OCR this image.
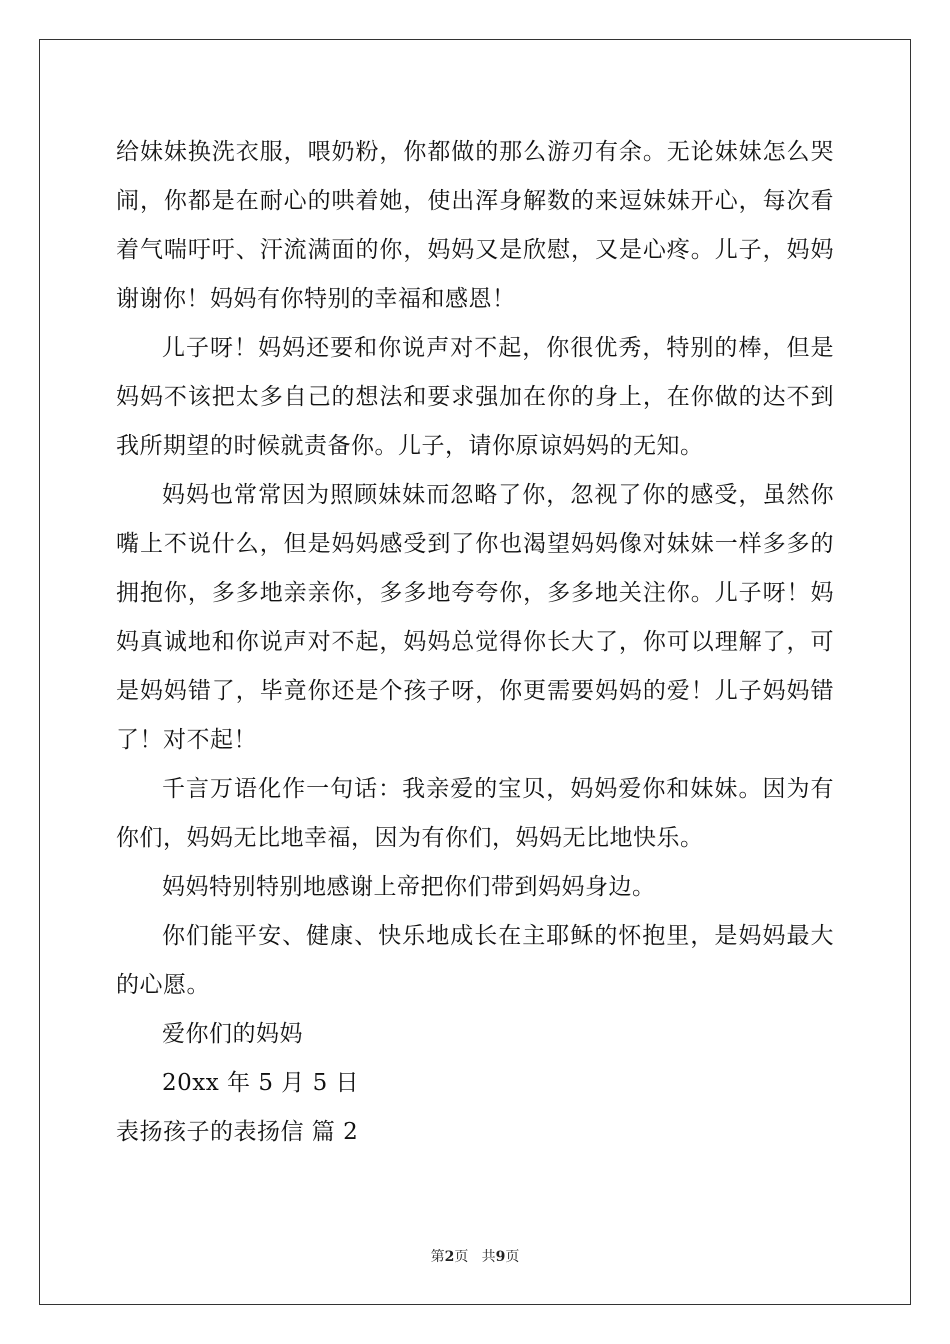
给妹妹换洗衣服，喂奶粉，你都做的那么游刃有余。无论妹妹怎么哭闹，你都是在耐心的哄着她，使出浑身解数的来逗妹妹开心，每次看着气喘吁吁、汗流满面的你，妈妈又是欣慰，又是心疼。儿子，妈妈谢谢你！妈妈有你特别的幸福和感恩！

儿子呀！妈妈还要和你说声对不起，你很优秀，特别的棒，但是妈妈不该把太多自己的想法和要求强加在你的身上，在你做的达不到我所期望的时候就责备你。儿子，请你原谅妈妈的无知。

妈妈也常常因为照顾妹妹而忽略了你，忽视了你的感受，虽然你嘴上不说什么，但是妈妈感受到了你也渴望妈妈像对妹妹一样多多的拥抱你，多多地亲亲你，多多地夸夸你，多多地关注你。儿子呀！妈妈真诚地和你说声对不起，妈妈总觉得你长大了，你可以理解了，可是妈妈错了，毕竟你还是个孩子呀，你更需要妈妈的爱！儿子妈妈错了！对不起！

千言万语化作一句话：我亲爱的宝贝，妈妈爱你和妹妹。因为有你们，妈妈无比地幸福，因为有你们，妈妈无比地快乐。

妈妈特别特别地感谢上帝把你们带到妈妈身边。

你们能平安、健康、快乐地成长在主耶稣的怀抱里，是妈妈最大的心愿。

爱你们的妈妈

20xx 年 5 月 5 日

表扬孩子的表扬信 篇 2

第2页 共9页
